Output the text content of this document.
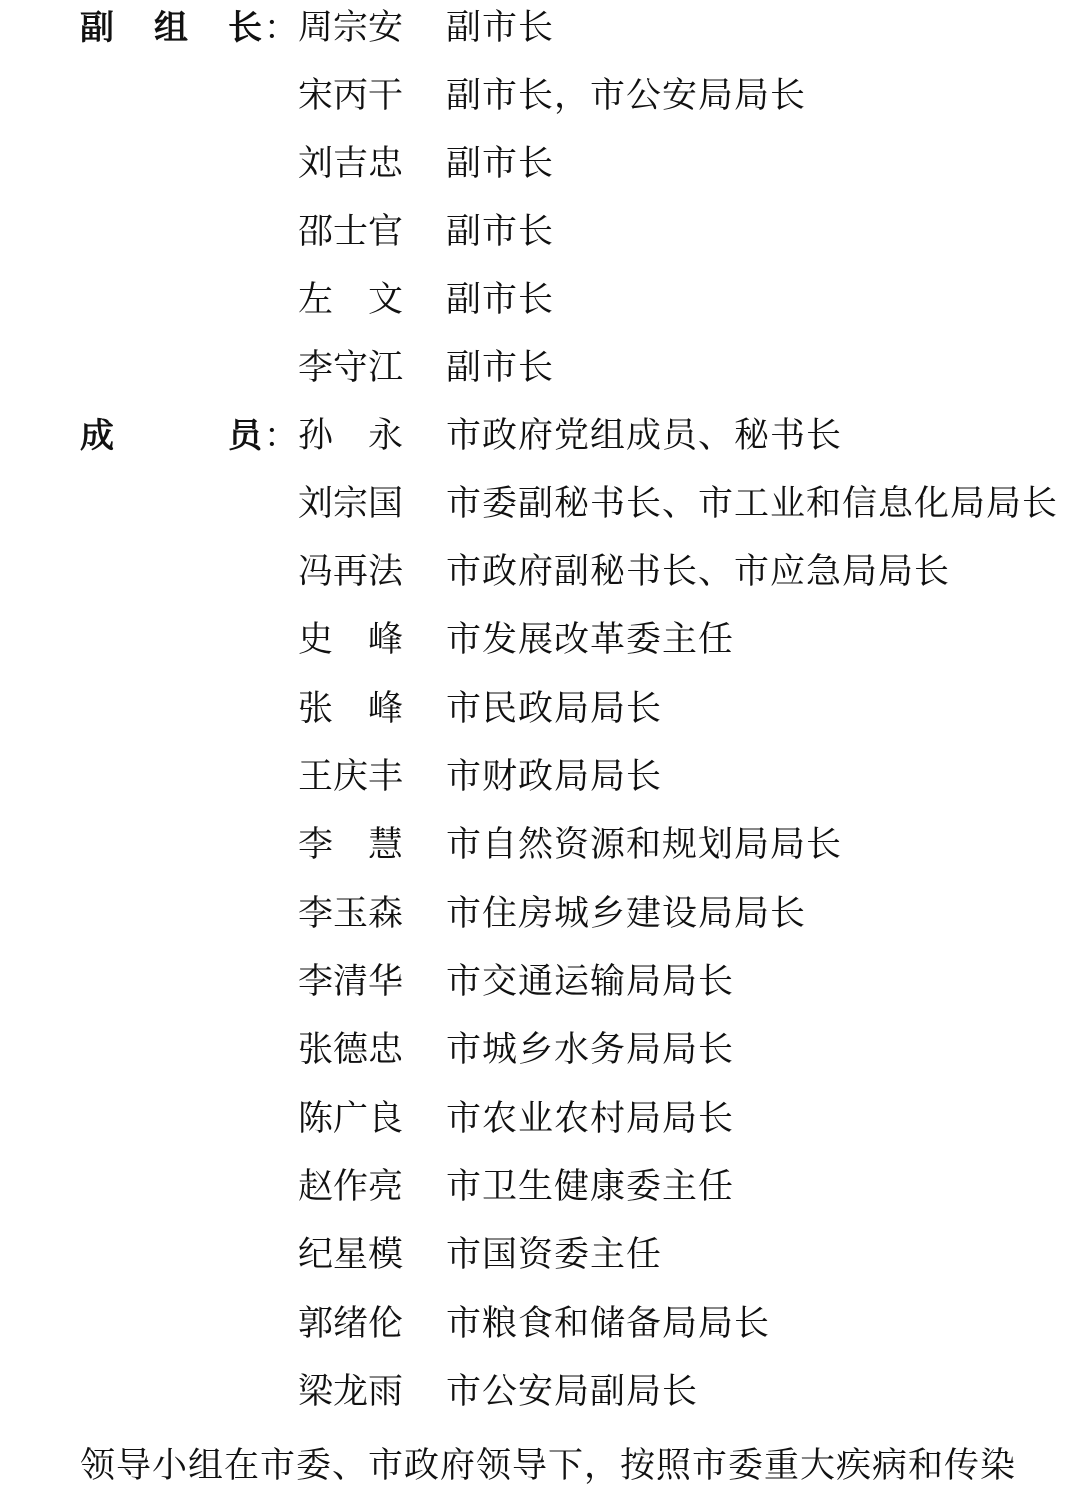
副 组 长 ： 周宗安 副市长
宋丙干 副市长，市公安局局长
刘吉忠 副市长
邵士官 副市长
左　文 副市长
李守江 副市长
成	员 ： 孙　永 市政府党组成员、秘书长
刘宗国 市委副秘书长、市工业和信息化局局长
冯再法 市政府副秘书长、市应急局局长
史　峰 市发展改革委主任
张　峰 市民政局局长
王庆丰 市财政局局长
李　慧 市自然资源和规划局局长
李玉森 市住房城乡建设局局长
李清华 市交通运输局局长
张德忠 市城乡水务局局长
陈广良 市农业农村局局长
赵作亮 市卫生健康委主任
纪星模 市国资委主任
郭绪伦 市粮食和储备局局长
梁龙雨 市公安局副局长
领导小组在市委、市政府领导下，按照市委重大疾病和传染
